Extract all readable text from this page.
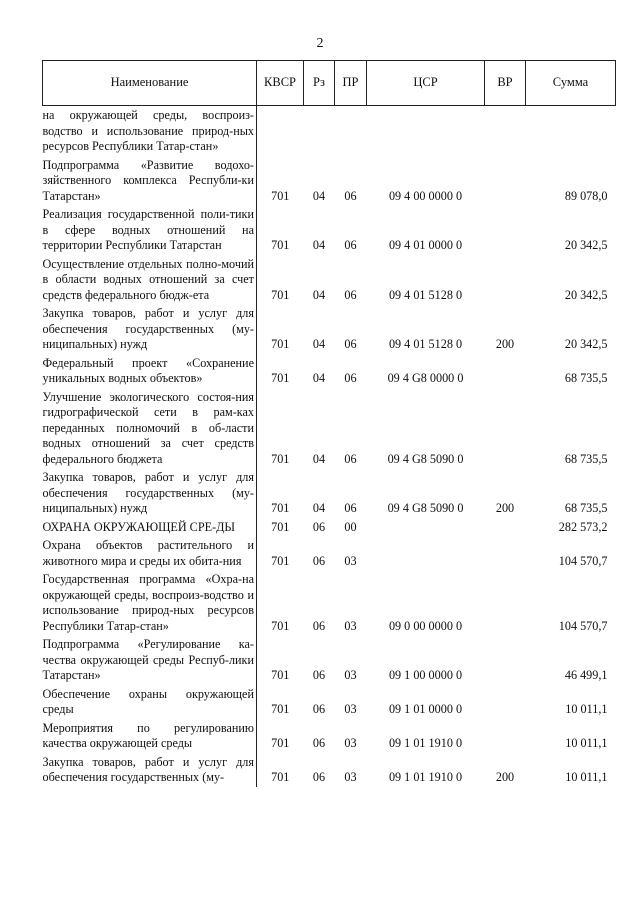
2
Наименование	КВСР	Рз	ПР	ЦСР	ВР	Сумма
на окружающей среды, воспроиз-водство и использование природ-ных ресурсов Республики Татар-стан»						
Подпрограмма «Развитие водохо-зяйственного комплекса Республи-ки Татарстан»	701	04	06	09 4 00 0000 0		89 078,0
Реализация государственной поли-тики в сфере водных отношений на территории Республики Татарстан	701	04	06	09 4 01 0000 0		20 342,5
Осуществление отдельных полно-мочий в области водных отношений за счет средств федерального бюдж-ета	701	04	06	09 4 01 5128 0		20 342,5
Закупка товаров, работ и услуг для обеспечения государственных (му-ниципальных) нужд	701	04	06	09 4 01 5128 0	200	20 342,5
Федеральный проект «Сохранение уникальных водных объектов»	701	04	06	09 4 G8 0000 0		68 735,5
Улучшение экологического состоя-ния гидрографической сети в рам-ках переданных полномочий в об-ласти водных отношений за счет средств федерального бюджета	701	04	06	09 4 G8 5090 0		68 735,5
Закупка товаров, работ и услуг для обеспечения государственных (му-ниципальных) нужд	701	04	06	09 4 G8 5090 0	200	68 735,5
ОХРАНА ОКРУЖАЮЩЕЙ СРЕ-ДЫ	701	06	00			282 573,2
Охрана объектов растительного и животного мира и среды их обита-ния	701	06	03			104 570,7
Государственная программа «Охра-на окружающей среды, воспроиз-водство и использование природ-ных ресурсов Республики Татар-стан»	701	06	03	09 0 00 0000 0		104 570,7
Подпрограмма «Регулирование ка-чества окружающей среды Респуб-лики Татарстан»	701	06	03	09 1 00 0000 0		46 499,1
Обеспечение охраны окружающей среды	701	06	03	09 1 01 0000 0		10 011,1
Мероприятия по регулированию качества окружающей среды	701	06	03	09 1 01 1910 0		10 011,1
Закупка товаров, работ и услуг для обеспечения государственных (му-	701	06	03	09 1 01 1910 0	200	10 011,1
